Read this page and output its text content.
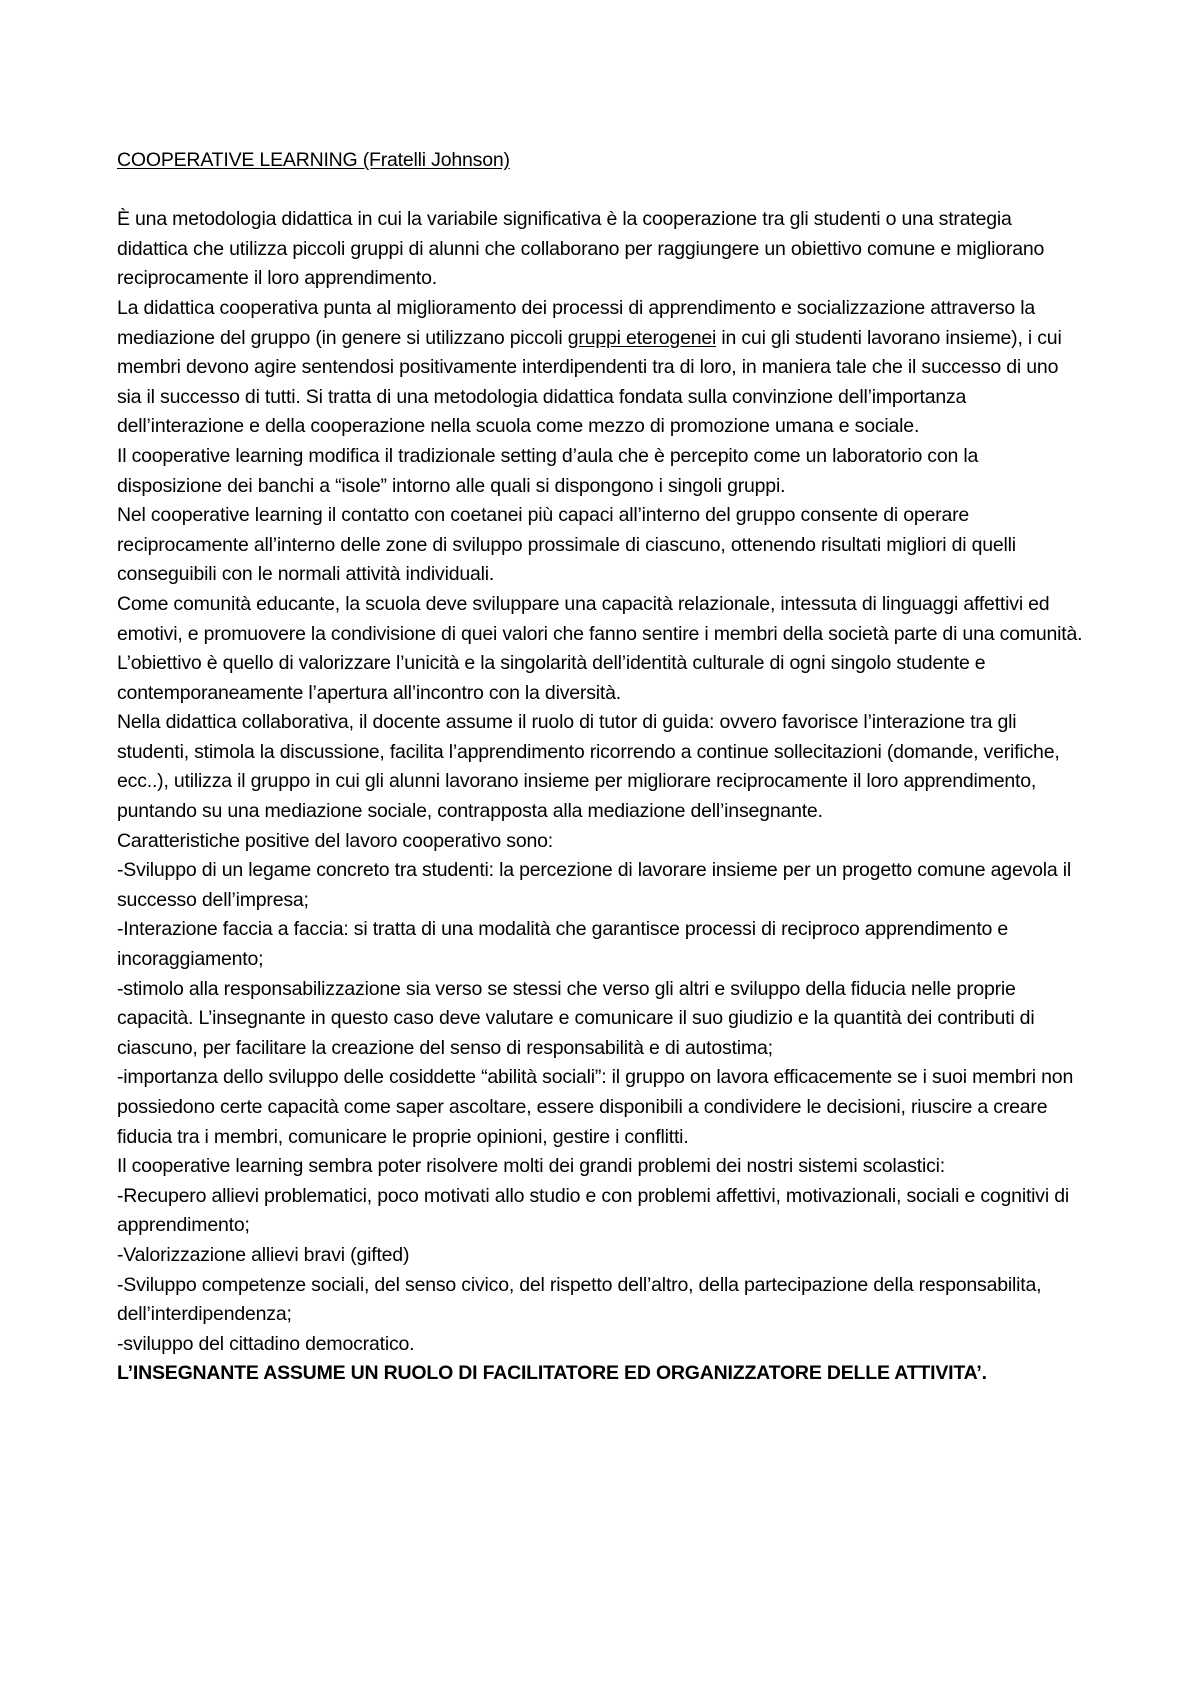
COOPERATIVE LEARNING (Fratelli Johnson)

È una metodologia didattica in cui la variabile significativa è la cooperazione tra gli studenti o una strategia didattica che utilizza piccoli gruppi di alunni che collaborano per raggiungere un obiettivo comune e migliorano reciprocamente il loro apprendimento.

La didattica cooperativa punta al miglioramento dei processi di apprendimento e socializzazione attraverso la mediazione del gruppo (in genere si utilizzano piccoli gruppi eterogenei in cui gli studenti lavorano insieme), i cui membri devono agire sentendosi positivamente interdipendenti tra di loro, in maniera tale che il successo di uno sia il successo di tutti. Si tratta di una metodologia didattica fondata sulla convinzione dell’importanza dell’interazione e della cooperazione nella scuola come mezzo di promozione umana e sociale.

Il cooperative learning modifica il tradizionale setting d’aula che è percepito come un laboratorio con la disposizione dei banchi a “isole” intorno alle quali si dispongono i singoli gruppi.

Nel cooperative learning il contatto con coetanei più capaci all’interno del gruppo consente di operare reciprocamente all’interno delle zone di sviluppo prossimale di ciascuno, ottenendo risultati migliori di quelli conseguibili con le normali attività individuali.

Come comunità educante, la scuola deve sviluppare una capacità relazionale, intessuta di linguaggi affettivi ed emotivi, e promuovere la condivisione di quei valori che fanno sentire i membri della società parte di una comunità. L’obiettivo è quello di valorizzare l’unicità e la singolarità dell’identità culturale di ogni singolo studente e contemporaneamente l’apertura all’incontro con la diversità.

Nella didattica collaborativa, il docente assume il ruolo di tutor di guida: ovvero favorisce l’interazione tra gli studenti, stimola la discussione, facilita l’apprendimento ricorrendo a continue sollecitazioni (domande, verifiche, ecc..), utilizza il gruppo in cui gli alunni lavorano insieme per migliorare reciprocamente il loro apprendimento, puntando su una mediazione sociale, contrapposta alla mediazione dell’insegnante.

Caratteristiche positive del lavoro cooperativo sono:

-Sviluppo di un legame concreto tra studenti: la percezione di lavorare insieme per un progetto comune agevola il successo dell’impresa;

-Interazione faccia a faccia: si tratta di una modalità che garantisce processi di reciproco apprendimento e incoraggiamento;

-stimolo alla responsabilizzazione sia verso se stessi che verso gli altri e sviluppo della fiducia nelle proprie capacità. L’insegnante in questo caso deve valutare e comunicare il suo giudizio e la quantità dei contributi di ciascuno, per facilitare la creazione del senso di responsabilità e di autostima;

-importanza dello sviluppo delle cosiddette “abilità sociali”: il gruppo on lavora efficacemente se i suoi membri non possiedono certe capacità come saper ascoltare, essere disponibili a condividere le decisioni, riuscire a creare fiducia tra i membri, comunicare le proprie opinioni, gestire i conflitti.

Il cooperative learning sembra poter risolvere molti dei grandi problemi dei nostri sistemi scolastici:

-Recupero allievi problematici, poco motivati allo studio e con problemi affettivi, motivazionali, sociali e cognitivi di apprendimento;

-Valorizzazione allievi bravi (gifted)

-Sviluppo competenze sociali, del senso civico, del rispetto dell’altro, della partecipazione della responsabilita, dell’interdipendenza;

-sviluppo del cittadino democratico.

L’INSEGNANTE ASSUME UN RUOLO DI FACILITATORE ED ORGANIZZATORE DELLE ATTIVITA’.
